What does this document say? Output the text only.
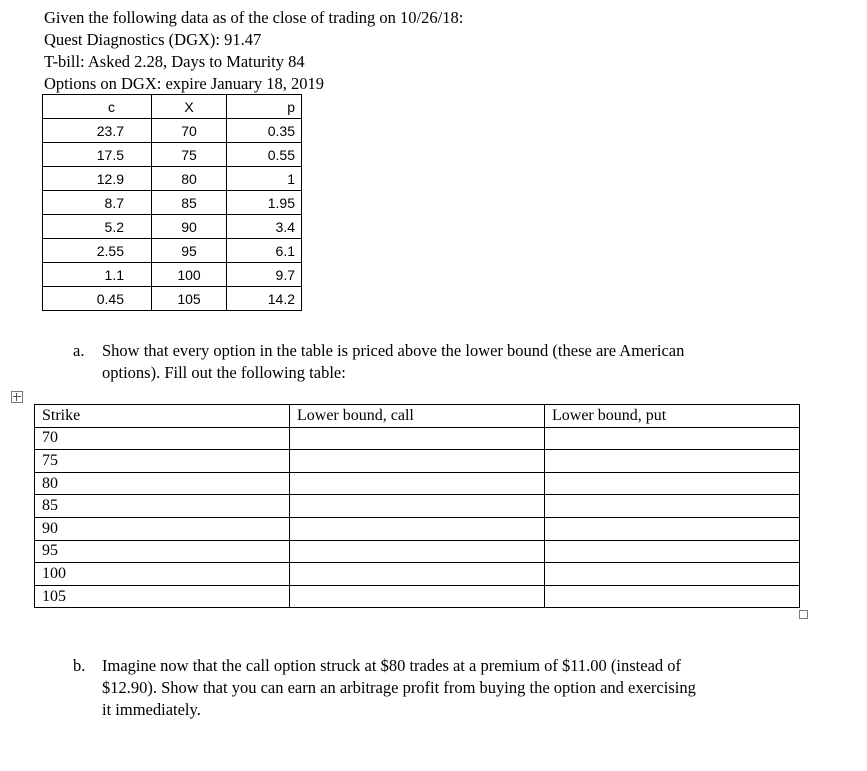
Given the following data as of the close of trading on 10/26/18:
Quest Diagnostics (DGX): 91.47
T-bill: Asked 2.28, Days to Maturity 84
Options on DGX: expire January 18, 2019
c	X	p
23.7	70	0.35
17.5	75	0.55
12.9	80	1
8.7	85	1.95
5.2	90	3.4
2.55	95	6.1
1.1	100	9.7
0.45	105	14.2
a. Show that every option in the table is priced above the lower bound (these are American
options). Fill out the following table:
Strike	Lower bound, call	Lower bound, put
70		
75		
80		
85		
90		
95		
100		
105		
b. Imagine now that the call option struck at $80 trades at a premium of $11.00 (instead of
$12.90). Show that you can earn an arbitrage profit from buying the option and exercising
it immediately.
